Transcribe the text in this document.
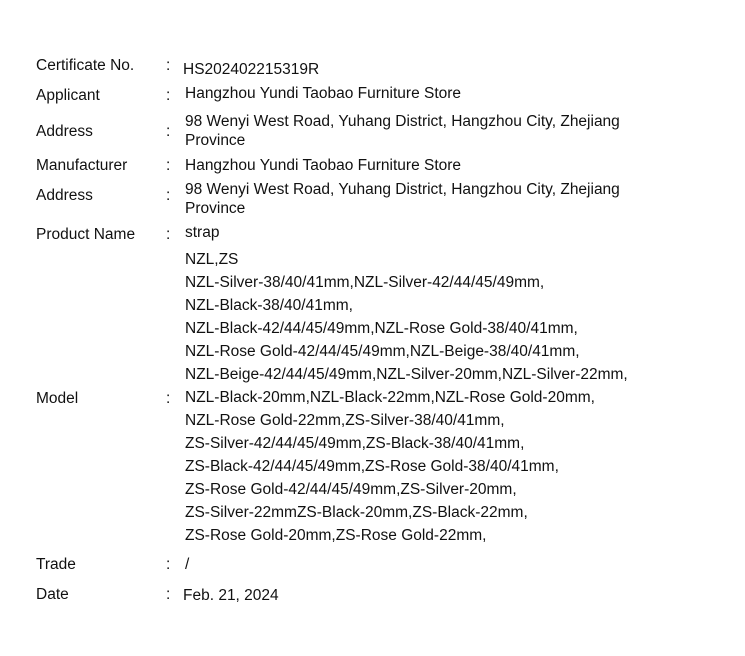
Certificate No. : HS202402215319R
Applicant	: Hangzhou Yundi Taobao Furniture Store
Address	:
98 Wenyi West Road, Yuhang District, Hangzhou City, Zhejiang
Province
Manufacturer : Hangzhou Yundi Taobao Furniture Store
Address	: 98 Wenyi West Road, Yuhang District, Hangzhou City, Zhejiang
Province
Product Name : strap
Model	:
NZL,ZS
NZL-Silver-38/40/41mm,NZL-Silver-42/44/45/49mm,
NZL-Black-38/40/41mm,
NZL-Black-42/44/45/49mm,NZL-Rose Gold-38/40/41mm,
NZL-Rose Gold-42/44/45/49mm,NZL-Beige-38/40/41mm,
NZL-Beige-42/44/45/49mm,NZL-Silver-20mm,NZL-Silver-22mm,
NZL-Black-20mm,NZL-Black-22mm,NZL-Rose Gold-20mm,
NZL-Rose Gold-22mm,ZS-Silver-38/40/41mm,
ZS-Silver-42/44/45/49mm,ZS-Black-38/40/41mm,
ZS-Black-42/44/45/49mm,ZS-Rose Gold-38/40/41mm,
ZS-Rose Gold-42/44/45/49mm,ZS-Silver-20mm,
ZS-Silver-22mmZS-Black-20mm,ZS-Black-22mm,
ZS-Rose Gold-20mm,ZS-Rose Gold-22mm,
Trade	: /
Date	: Feb. 21, 2024
